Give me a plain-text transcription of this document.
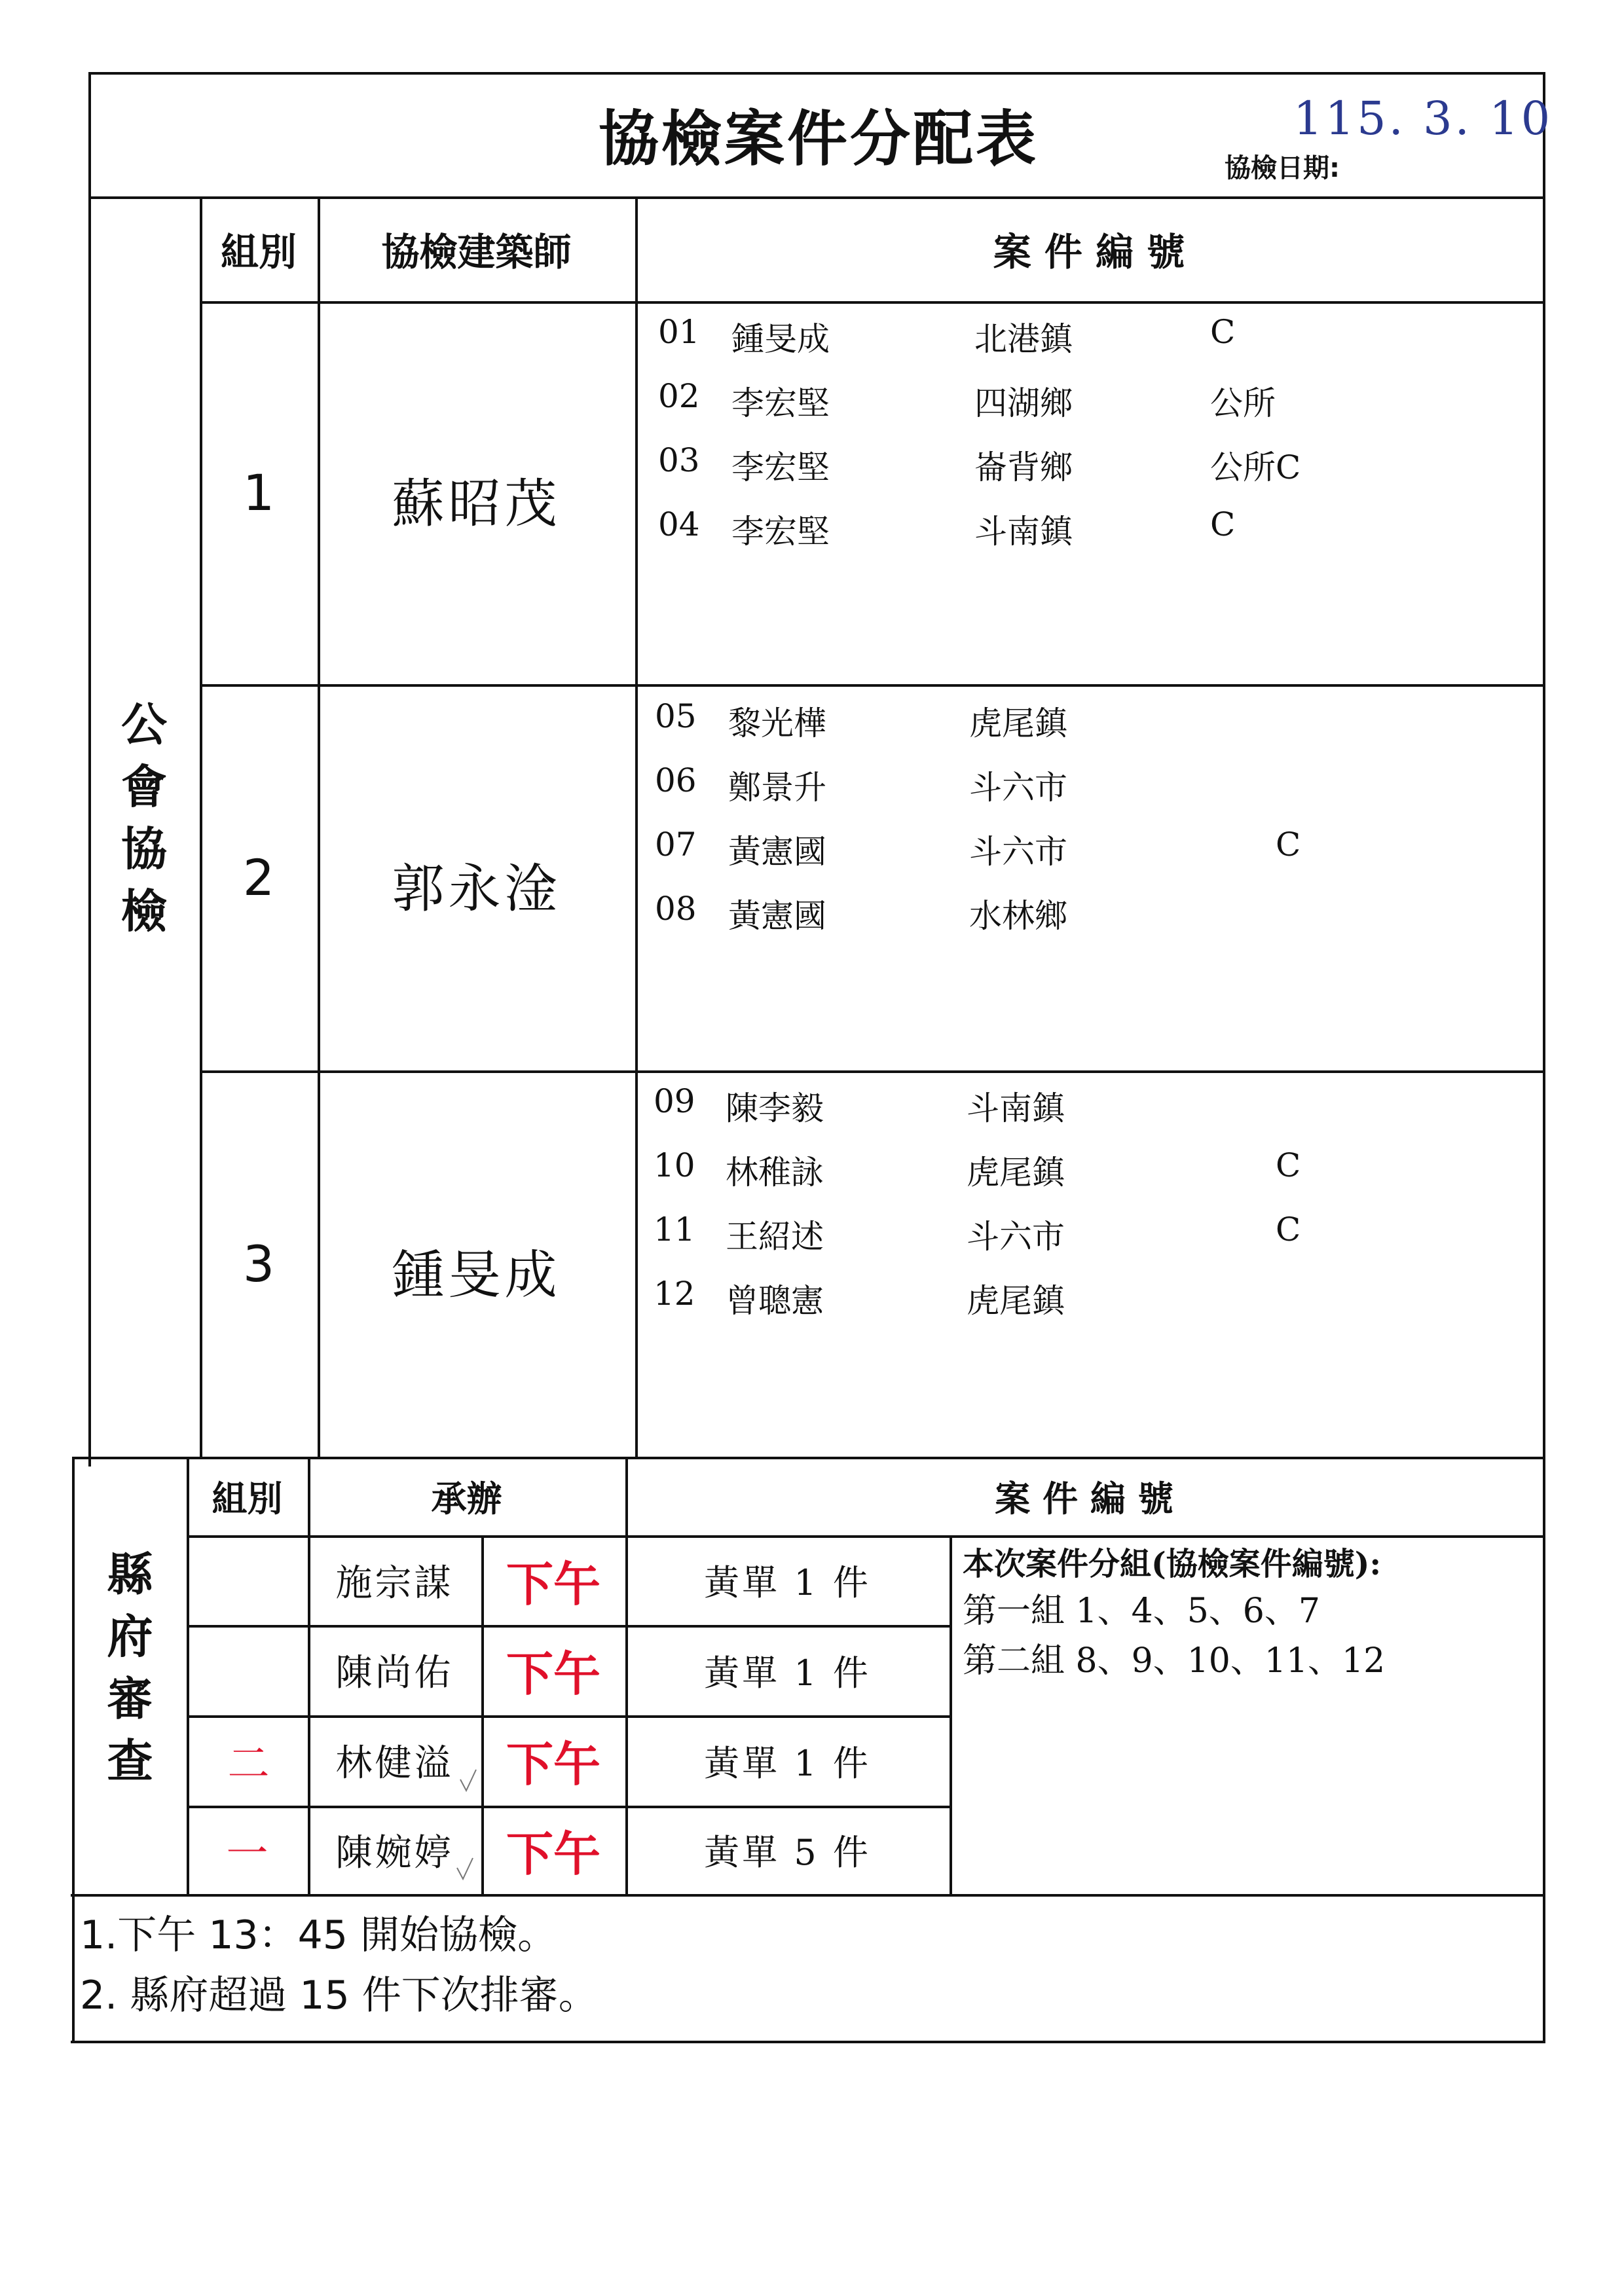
協檢案件分配表	115. 3. 10
協檢日期:
公
會
協
檢
組別	協檢建築師	案 件 編 號
1	蘇昭茂
01 鍾旻成	北港鎮	C
02 李宏堅	四湖鄉	公所
03 李宏堅	崙背鄉	公所C
04 李宏堅	斗南鎮	C
2	郭永淦
05 黎光樺	虎尾鎮
06 鄭景升	斗六市
07 黃憲國	斗六市	C
08 黃憲國	水林鄉
3	鍾旻成
09 陳李毅	斗南鎮
10 林稚詠	虎尾鎮	C
11 王紹述	斗六市	C
12 曾聰憲	虎尾鎮
縣
府
審
查
組別	承辦	案 件 編 號
施宗謀	下午	黃單 1 件
陳尚佑	下午	黃單 1 件
二	林健溢	下午	黃單 1 件
一	陳婉婷	下午	黃單 5 件
本次案件分組(協檢案件編號):
第一組 1、4、5、6、7
第二組 8、9、10、11、12
1.下午 13：45 開始協檢。
2. 縣府超過 15 件下次排審。
